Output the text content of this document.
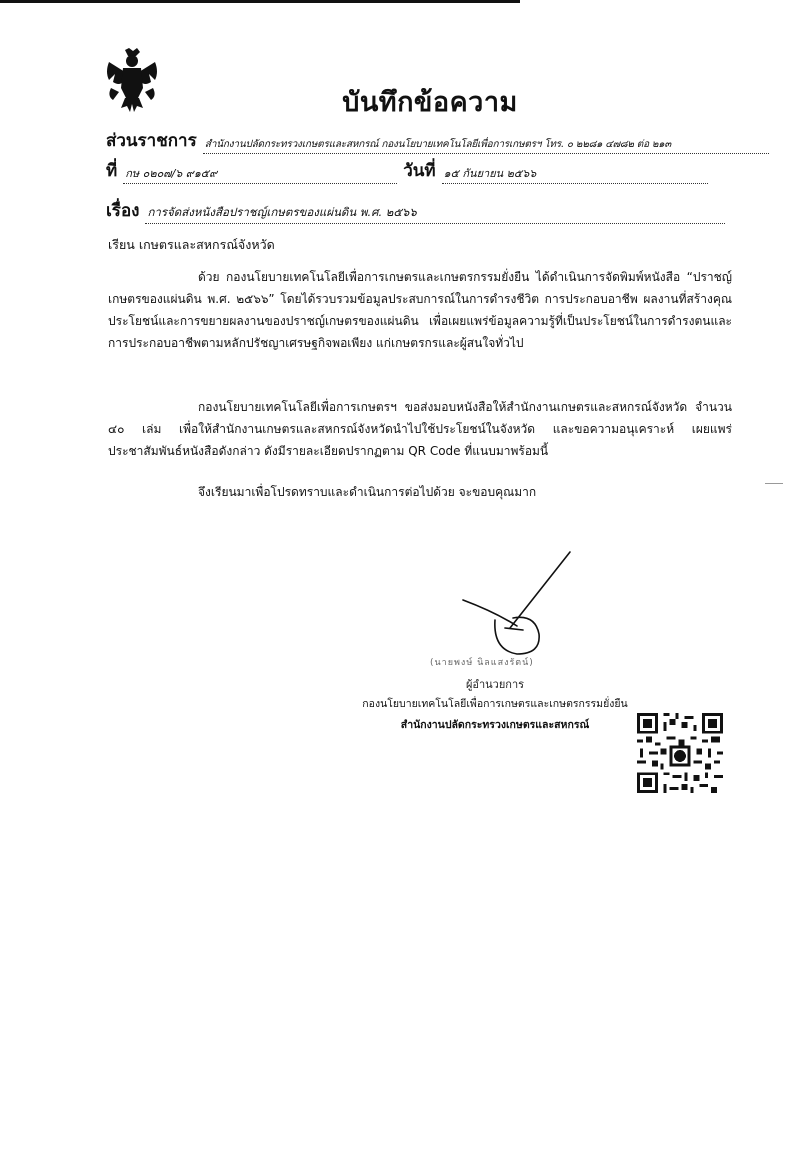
บันทึกข้อความ
ส่วนราชการ สำนักงานปลัดกระทรวงเกษตรและสหกรณ์ กองนโยบายเทคโนโลยีเพื่อการเกษตรฯ โทร. ๐ ๒๒๘๑ ๔๗๘๒ ต่อ ๒๑๓
ที่ กษ ๐๒๐๗/๖ ๙๑๕๙	วันที่ ๑๕ กันยายน ๒๕๖๖
เรื่อง การจัดส่งหนังสือปราชญ์เกษตรของแผ่นดิน พ.ศ. ๒๕๖๖
เรียน เกษตรและสหกรณ์จังหวัด

ด้วย กองนโยบายเทคโนโลยีเพื่อการเกษตรและเกษตรกรรมยั่งยืน ได้ดำเนินการจัดพิมพ์หนังสือ “ปราชญ์เกษตรของแผ่นดิน พ.ศ. ๒๕๖๖” โดยได้รวบรวมข้อมูลประสบการณ์ในการดำรงชีวิต การประกอบอาชีพ ผลงานที่สร้างคุณประโยชน์และการขยายผลงานของปราชญ์เกษตรของแผ่นดิน เพื่อเผยแพร่ข้อมูลความรู้ที่เป็นประโยชน์ในการดำรงตนและการประกอบอาชีพตามหลักปรัชญาเศรษฐกิจพอเพียง แก่เกษตรกรและผู้สนใจทั่วไป

กองนโยบายเทคโนโลยีเพื่อการเกษตรฯ ขอส่งมอบหนังสือให้สำนักงานเกษตรและสหกรณ์จังหวัด จำนวน ๔๐ เล่ม เพื่อให้สำนักงานเกษตรและสหกรณ์จังหวัดนำไปใช้ประโยชน์ในจังหวัด และขอความอนุเคราะห์ เผยแพร่ประชาสัมพันธ์หนังสือดังกล่าว ดังมีรายละเอียดปรากฏตาม QR Code ที่แนบมาพร้อมนี้

จึงเรียนมาเพื่อโปรดทราบและดำเนินการต่อไปด้วย จะขอบคุณมาก

(นายพงษ์ นิลแสงรัตน์)
ผู้อำนวยการ
กองนโยบายเทคโนโลยีเพื่อการเกษตรและเกษตรกรรมยั่งยืน
สำนักงานปลัดกระทรวงเกษตรและสหกรณ์
